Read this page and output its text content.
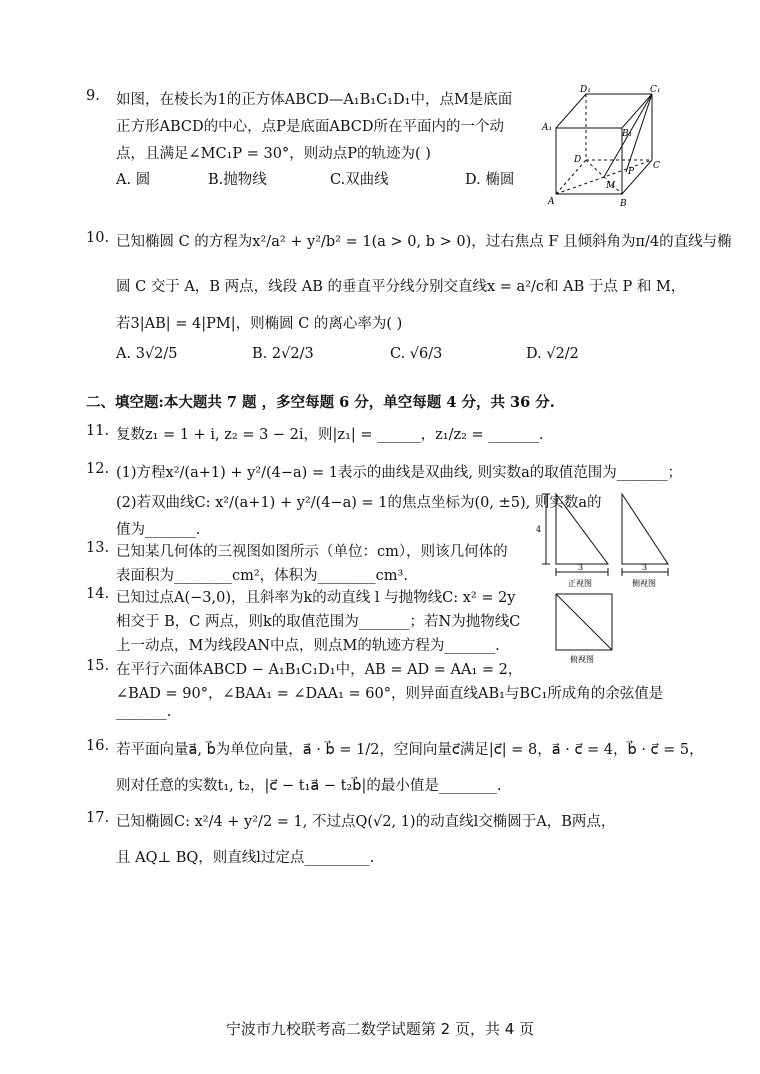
9. 如图，在棱长为1的正方体ABCD—A₁B₁C₁D₁中，点M是底面
正方形ABCD的中心，点P是底面ABCD所在平面内的一个动
点，且满足∠MC₁P = 30°，则动点P的轨迹为( )
A. 圆	B.抛物线	C.双曲线	D. 椭圆
D₁	C₁
A₁
B₁
D
P
C
M
A	B
10. 已知椭圆 C 的方程为x²/a² + y²/b² = 1(a > 0, b > 0)，过右焦点 F 且倾斜角为π/4的直线与椭
圆 C 交于 A，B 两点，线段 AB 的垂直平分线分别交直线x = a²/c和 AB 于点 P 和 M，
若3|AB| = 4|PM|，则椭圆 C 的离心率为( )
A. 3√2/5	B. 2√2/3	C. √6/3	D. √2/2
二、填空题:本大题共 7 题 ，多空每题 6 分，单空每题 4 分，共 36 分.
11. 复数z₁ = 1 + i, z₂ = 3 − 2i，则|z₁| = ______，z₁/z₂ = _______.
12. (1)方程x²/(a+1) + y²/(4−a) = 1表示的曲线是双曲线, 则实数a的取值范围为_______；
(2)若双曲线C: x²/(a+1) + y²/(4−a) = 1的焦点坐标为(0, ±5), 则实数a的
值为_______.
13. 已知某几何体的三视图如图所示（单位：cm），则该几何体的
表面积为________cm²，体积为________cm³.
14. 已知过点A(−3,0)，且斜率为k的动直线 l 与抛物线C: x² = 2y
相交于 B，C 两点，则k的取值范围为_______；若N为抛物线C
上一动点，M为线段AN中点，则点M的轨迹方程为_______.
15. 在平行六面体ABCD − A₁B₁C₁D₁中，AB = AD = AA₁ = 2，
∠BAD = 90°，∠BAA₁ = ∠DAA₁ = 60°，则异面直线AB₁与BC₁所成角的余弦值是
_______.
16. 若平面向量a⃗, b⃗为单位向量，a⃗ · b⃗ = 1/2，空间向量c⃗满足|c⃗| = 8，a⃗ · c⃗ = 4，b⃗ · c⃗ = 5，
则对任意的实数t₁, t₂，|c⃗ − t₁a⃗ − t₂b⃗|的最小值是________.
17. 已知椭圆C: x²/4 + y²/2 = 1, 不过点Q(√2, 1)的动直线l交椭圆于A，B两点，
且 AQ⊥ BQ，则直线l过定点_________.
4
3	3
正视图	侧视图
俯视图
宁波市九校联考高二数学试题第 2 页，共 4 页
